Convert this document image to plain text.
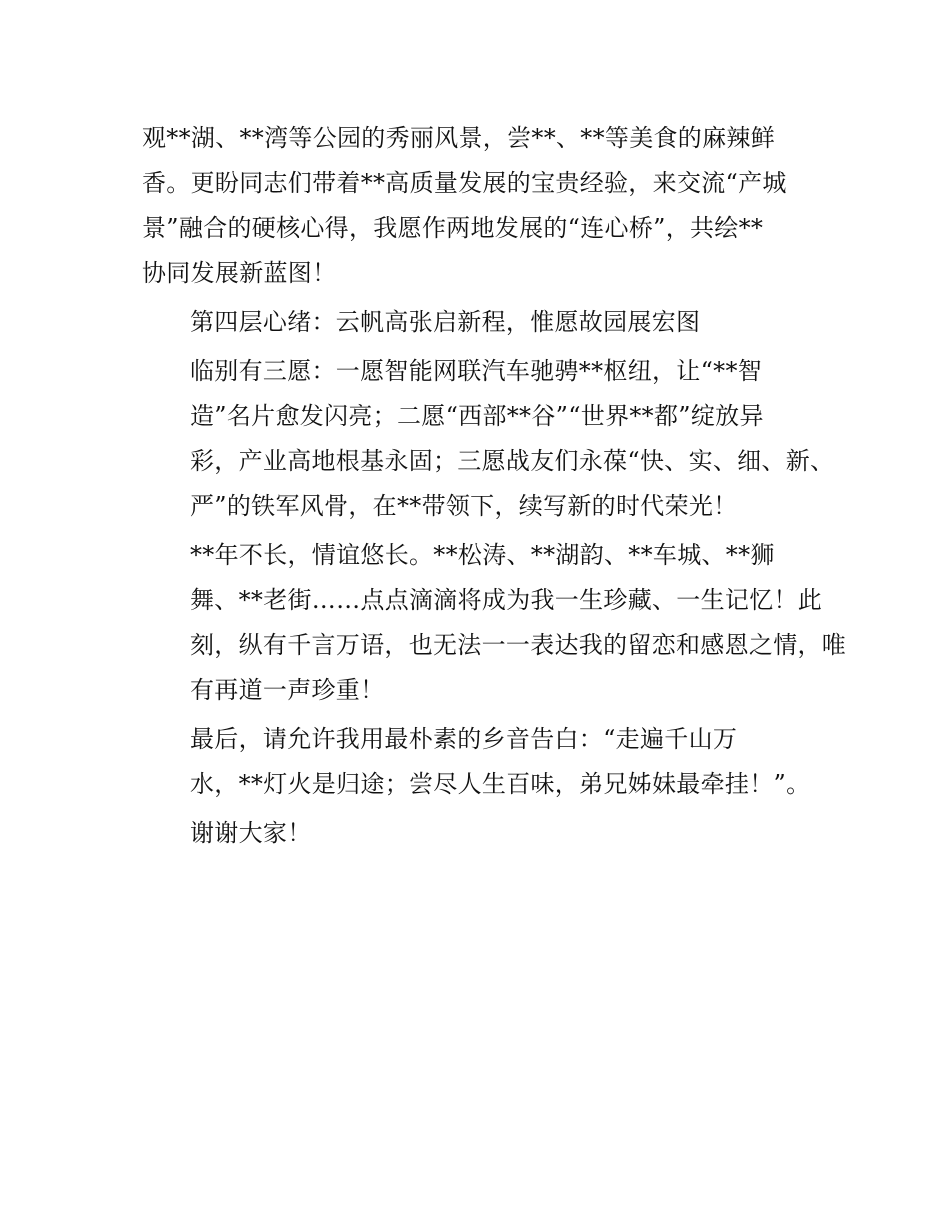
观**湖、**湾等公园的秀丽风景，尝**、**等美食的麻辣鲜
香。更盼同志们带着**高质量发展的宝贵经验，来交流“产城
景”融合的硬核心得，我愿作两地发展的“连心桥”，共绘**
协同发展新蓝图！

第四层心绪：云帆高张启新程，惟愿故园展宏图

临别有三愿：一愿智能网联汽车驰骋**枢纽，让“**智
造”名片愈发闪亮；二愿“西部**谷”“世界**都”绽放异
彩，产业高地根基永固；三愿战友们永葆“快、实、细、新、
严”的铁军风骨，在**带领下，续写新的时代荣光！

**年不长，情谊悠长。**松涛、**湖韵、**车城、**狮
舞、**老街……点点滴滴将成为我一生珍藏、一生记忆！此
刻，纵有千言万语，也无法一一表达我的留恋和感恩之情，唯
有再道一声珍重！

最后，请允许我用最朴素的乡音告白：“走遍千山万
水，**灯火是归途；尝尽人生百味，弟兄姊妹最牵挂！”。

谢谢大家！
